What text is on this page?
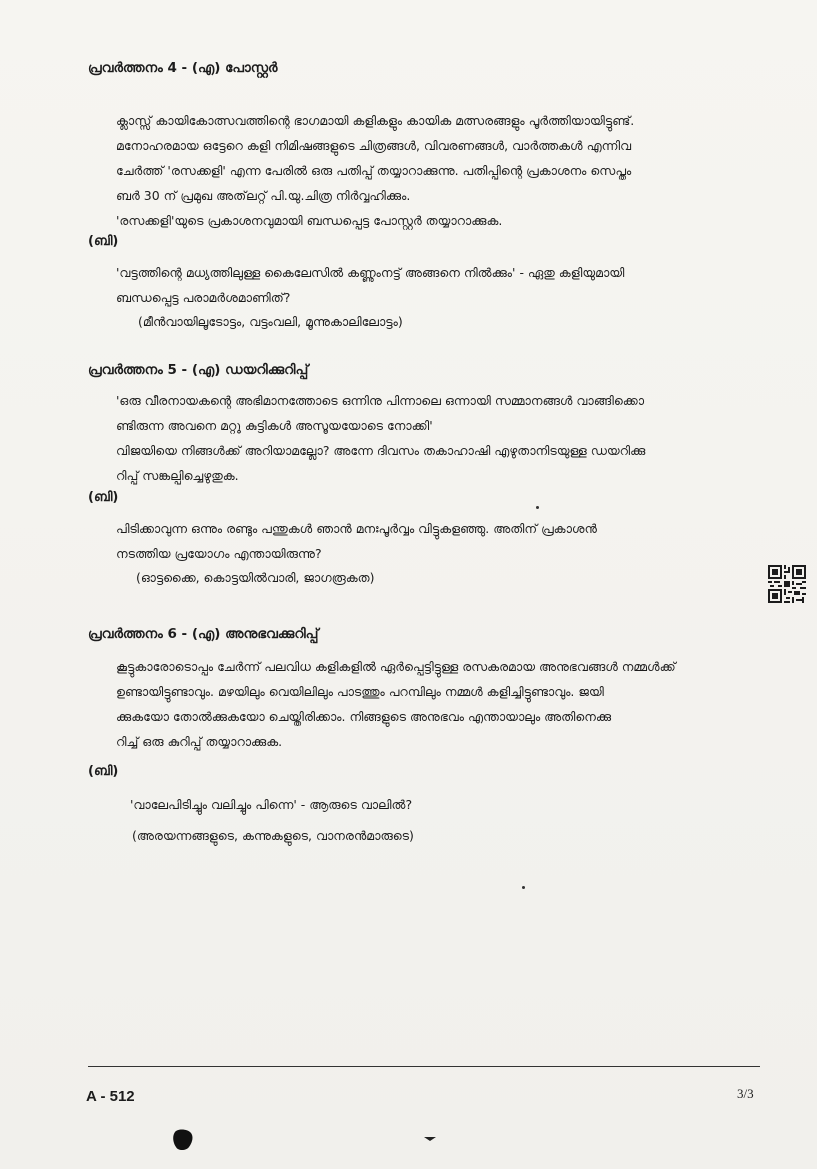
പ്രവർത്തനം 4 - (എ) പോസ്റ്റർ
ക്ലാസ്സ് കായികോത്സവത്തിന്റെ ഭാഗമായി കളികളും കായിക മത്സരങ്ങളും പൂർത്തിയായിട്ടുണ്ട്.
മനോഹരമായ ഒട്ടേറെ കളി നിമിഷങ്ങളുടെ ചിത്രങ്ങൾ, വിവരണങ്ങൾ, വാർത്തകൾ എന്നിവ
ചേർത്ത് 'രസക്കളി' എന്ന പേരിൽ ഒരു പതിപ്പ് തയ്യാറാക്കുന്നു. പതിപ്പിന്റെ പ്രകാശനം സെപ്തം
ബർ 30 ന് പ്രമുഖ അത്‌ലറ്റ് പി.യു.ചിത്ര നിർവ്വഹിക്കും.
'രസക്കളി'യുടെ പ്രകാശനവുമായി ബന്ധപ്പെട്ട പോസ്റ്റർ തയ്യാറാക്കുക.
(ബി)
'വട്ടത്തിന്റെ മധ്യത്തിലുള്ള കൈലേസിൽ കണ്ണുംനട്ട് അങ്ങനെ നിൽക്കും' - ഏതു കളിയുമായി
ബന്ധപ്പെട്ട പരാമർശമാണിത്?
(മീൻവായിലൂടോട്ടം, വട്ടംവലി, മൂന്നുകാലിലോട്ടം)
പ്രവർത്തനം 5 - (എ) ഡയറിക്കുറിപ്പ്
'ഒരു വീരനായകന്റെ അഭിമാനത്തോടെ ഒന്നിനു പിന്നാലെ ഒന്നായി സമ്മാനങ്ങൾ വാങ്ങിക്കൊ
ണ്ടിരുന്ന അവനെ മറ്റു കുട്ടികൾ അസൂയയോടെ നോക്കി'
വിജയിയെ നിങ്ങൾക്ക് അറിയാമല്ലോ? അന്നേ ദിവസം തകാഹാഷി എഴുതാനിടയുള്ള ഡയറിക്കു
റിപ്പ് സങ്കല്പിച്ചെഴുതുക.
(ബി)
പിടിക്കാവുന്ന ഒന്നും രണ്ടും പന്തുകൾ ഞാൻ മനഃപൂർവ്വം വിട്ടുകളഞ്ഞു. അതിന് പ്രകാശൻ
നടത്തിയ പ്രയോഗം എന്തായിരുന്നു?
(ഓട്ടക്കൈ, കൊട്ടയിൽവാരി, ജാഗരൂകത)
പ്രവർത്തനം 6 - (എ) അനുഭവക്കുറിപ്പ്
കൂട്ടുകാരോടൊപ്പം ചേർന്ന് പലവിധ കളികളിൽ ഏർപ്പെട്ടിട്ടുള്ള രസകരമായ അനുഭവങ്ങൾ നമ്മൾക്ക്
ഉണ്ടായിട്ടുണ്ടാവും. മഴയിലും വെയിലിലും പാടത്തും പറമ്പിലും നമ്മൾ കളിച്ചിട്ടുണ്ടാവും. ജയി
ക്കുകയോ തോൽക്കുകയോ ചെയ്തിരിക്കാം. നിങ്ങളുടെ അനുഭവം എന്തായാലും അതിനെക്കു
റിച്ച് ഒരു കുറിപ്പ് തയ്യാറാക്കുക.
(ബി)
'വാലേപിടിച്ചും വലിച്ചും പിന്നെ' - ആരുടെ വാലിൽ?
(അരയന്നങ്ങളുടെ, കന്നുകളുടെ, വാനരൻമാരുടെ)
A - 512	3/3
